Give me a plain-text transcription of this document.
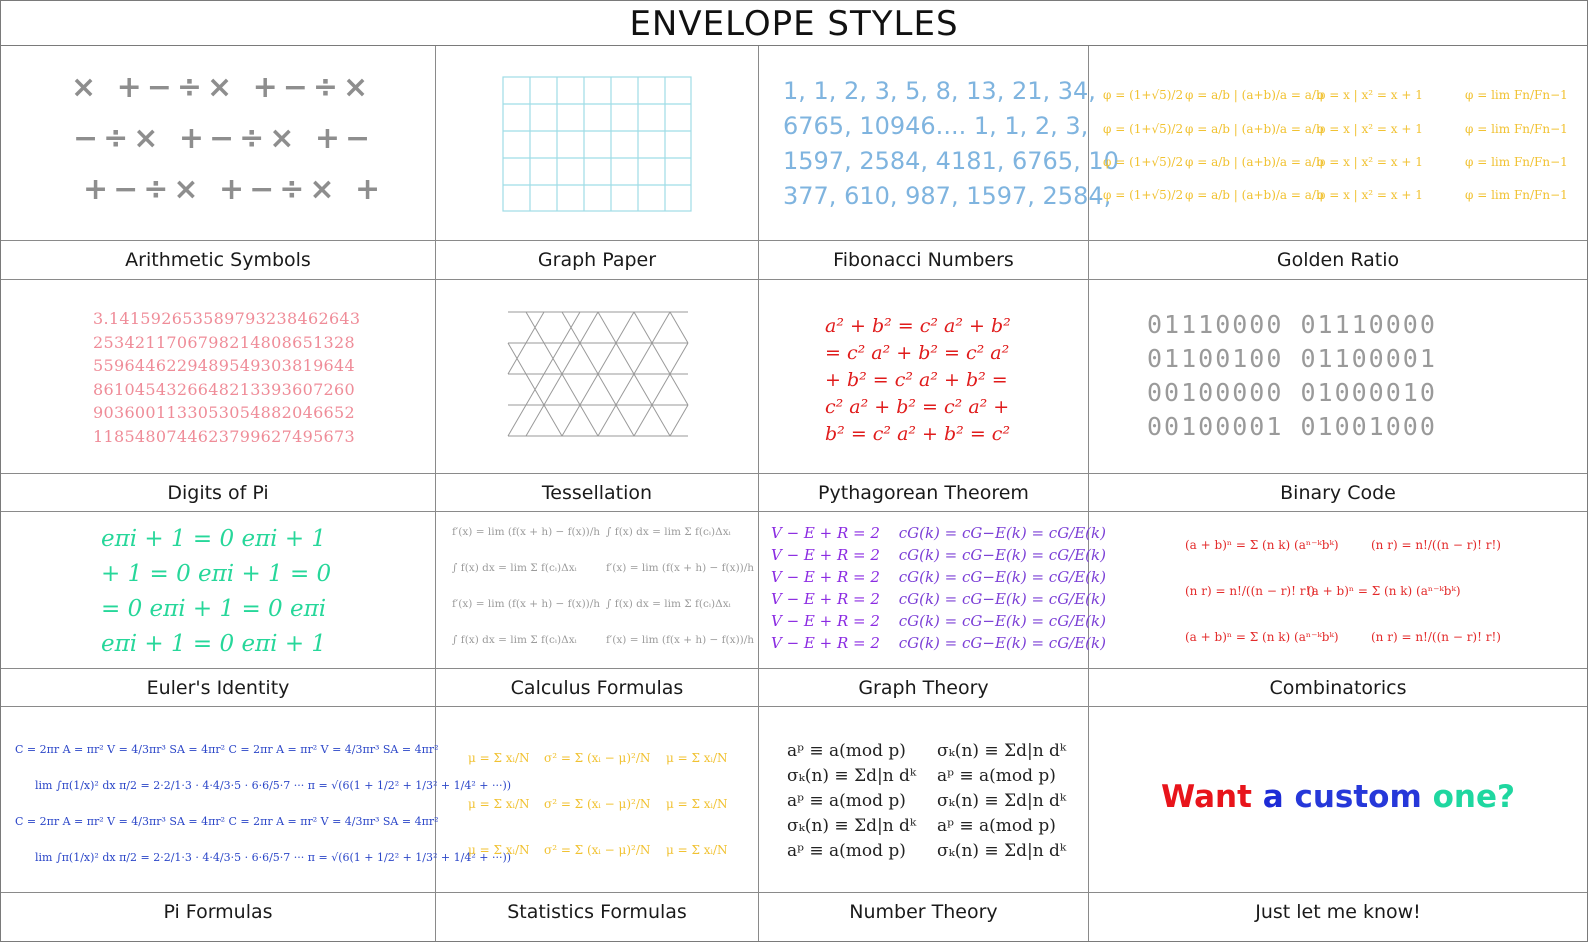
ENVELOPE STYLES
× +−÷× +−÷×
−÷× +−÷× +−
+−÷× +−÷× +
1, 1, 2, 3, 5, 8, 13, 21, 34,
6765, 10946.... 1, 1, 2, 3,
1597, 2584, 4181, 6765, 10
377, 610, 987, 1597, 2584,
φ = (1+√5)/2 φ = a/b | (a+b)/a = a/b
φ = x | x² = x + 1	φ = lim Fn/Fn−1
φ = (1+√5)/2 φ = a/b | (a+b)/a = a/b
φ = x | x² = x + 1	φ = lim Fn/Fn−1
φ = (1+√5)/2 φ = a/b | (a+b)/a = a/b
φ = x | x² = x + 1	φ = lim Fn/Fn−1
φ = (1+√5)/2 φ = a/b | (a+b)/a = a/b
φ = x | x² = x + 1	φ = lim Fn/Fn−1
Arithmetic Symbols	Graph Paper	Fibonacci Numbers	Golden Ratio
3.141592653589793238462643
2534211706798214808651328
5596446229489549303819644
8610454326648213393607260
9036001133053054882046652
1185480744623799627495673
a² + b² = c² a² + b²
= c² a² + b² = c² a²
+ b² = c² a² + b² =
c² a² + b² = c² a² +
b² = c² a² + b² = c²
01110000 01110000
01100100 01100001
00100000 01000010
00100001 01001000
Digits of Pi	Tessellation	Pythagorean Theorem	Binary Code
eπi + 1 = 0 eπi + 1
+ 1 = 0 eπi + 1 = 0
= 0 eπi + 1 = 0 eπi
eπi + 1 = 0 eπi + 1
f′(x) = lim (f(x + h) − f(x))/h ∫ f(x) dx = lim Σ f(cᵢ)Δxᵢ
∫ f(x) dx = lim Σ f(cᵢ)Δxᵢ	f′(x) = lim (f(x + h) − f(x))/h
f′(x) = lim (f(x + h) − f(x))/h ∫ f(x) dx = lim Σ f(cᵢ)Δxᵢ
∫ f(x) dx = lim Σ f(cᵢ)Δxᵢ	f′(x) = lim (f(x + h) − f(x))/h
V − E + R = 2 cG(k) = cG−E(k) = cG/E(k)
V − E + R = 2 cG(k) = cG−E(k) = cG/E(k)
V − E + R = 2 cG(k) = cG−E(k) = cG/E(k)
V − E + R = 2 cG(k) = cG−E(k) = cG/E(k)
V − E + R = 2 cG(k) = cG−E(k) = cG/E(k)
V − E + R = 2 cG(k) = cG−E(k) = cG/E(k)
(a + b)ⁿ = Σ (n k) (aⁿ⁻ᵏbᵏ)	(n r) = n!/((n − r)! r!)
(n r) = n!/((n − r)! r!)
(a + b)ⁿ = Σ (n k) (aⁿ⁻ᵏbᵏ)
(a + b)ⁿ = Σ (n k) (aⁿ⁻ᵏbᵏ)	(n r) = n!/((n − r)! r!)
Euler's Identity	Calculus Formulas	Graph Theory	Combinatorics
C = 2πr A = πr² V = 4/3πr³ SA = 4πr² C = 2πr A = πr² V = 4/3πr³ SA = 4πr²
lim ∫π(1/x)² dx π/2 = 2·2/1·3 · 4·4/3·5 · 6·6/5·7 ··· π = √(6(1 + 1/2² + 1/3² + 1/4² + ···))
C = 2πr A = πr² V = 4/3πr³ SA = 4πr² C = 2πr A = πr² V = 4/3πr³ SA = 4πr²
lim ∫π(1/x)² dx π/2 = 2·2/1·3 · 4·4/3·5 · 6·6/5·7 ··· π = √(6(1 + 1/2² + 1/3² + 1/4² + ···))
μ = Σ xᵢ/N σ² = Σ (xᵢ − μ)²/N μ = Σ xᵢ/N
μ = Σ xᵢ/N σ² = Σ (xᵢ − μ)²/N μ = Σ xᵢ/N
μ = Σ xᵢ/N σ² = Σ (xᵢ − μ)²/N μ = Σ xᵢ/N
aᵖ ≡ a(mod p) σₖ(n) ≡ Σd|n dᵏ
σₖ(n) ≡ Σd|n dᵏ aᵖ ≡ a(mod p)
aᵖ ≡ a(mod p) σₖ(n) ≡ Σd|n dᵏ
σₖ(n) ≡ Σd|n dᵏ aᵖ ≡ a(mod p)
aᵖ ≡ a(mod p) σₖ(n) ≡ Σd|n dᵏ
Want a custom one?
Pi Formulas	Statistics Formulas	Number Theory	Just let me know!
